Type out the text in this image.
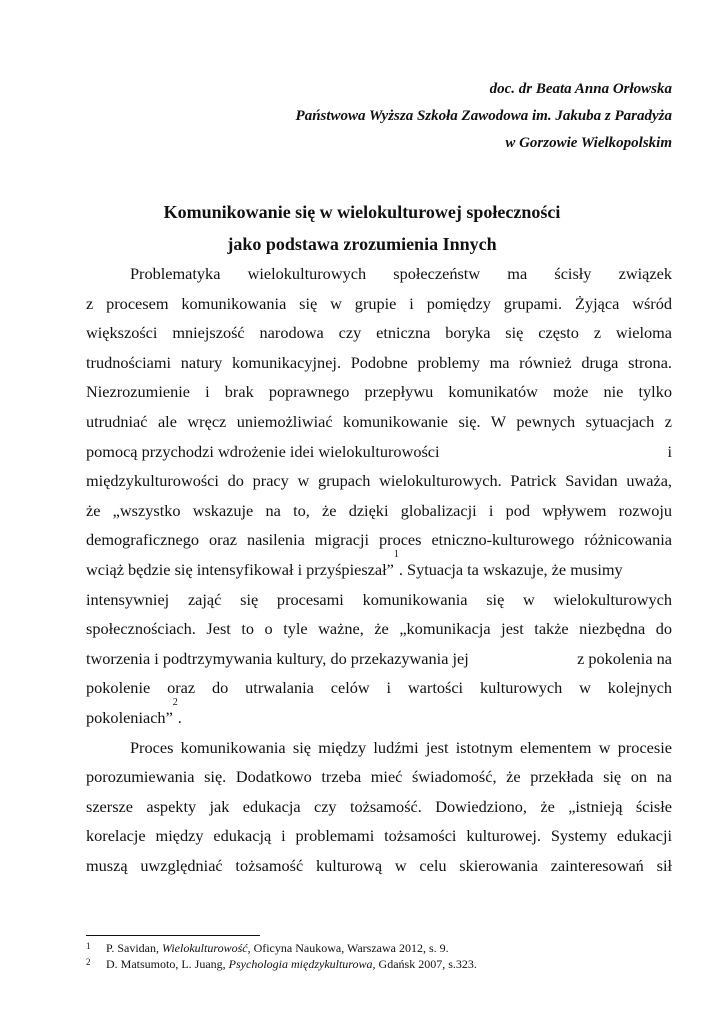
doc. dr Beata Anna Orłowska
Państwowa Wyższa Szkoła Zawodowa im. Jakuba z Paradyża
w Gorzowie Wielkopolskim
Komunikowanie się w wielokulturowej społeczności
jako podstawa zrozumienia Innych
Problematyka wielokulturowych społeczeństw ma ścisły związek
z procesem komunikowania się w grupie i pomiędzy grupami. Żyjąca wśród
większości mniejszość narodowa czy etniczna boryka się często z wieloma
trudnościami natury komunikacyjnej. Podobne problemy ma również druga strona.
Niezrozumienie i brak poprawnego przepływu komunikatów może nie tylko
utrudniać ale wręcz uniemożliwiać komunikowanie się. W pewnych sytuacjach z
pomocą przychodzi wdrożenie idei wielokulturowości	i
międzykulturowości do pracy w grupach wielokulturowych. Patrick Savidan uważa,
że „wszystko wskazuje na to, że dzięki globalizacji i pod wpływem rozwoju
demograficznego oraz nasilenia migracji proces etniczno-kulturowego różnicowania
wciąż będzie się intensyfikował i przyśpieszał”
1
. Sytuacja ta wskazuje, że musimy
intensywniej zająć się procesami komunikowania się w wielokulturowych
społecznościach. Jest to o tyle ważne, że „komunikacja jest także niezbędna do
tworzenia i podtrzymywania kultury, do przekazywania jej	z pokolenia na
pokolenie oraz do utrwalania celów i wartości kulturowych w kolejnych
pokoleniach”
2
.
Proces komunikowania się między ludźmi jest istotnym elementem w procesie
porozumiewania się. Dodatkowo trzeba mieć świadomość, że przekłada się on na
szersze aspekty jak edukacja czy tożsamość. Dowiedziono, że „istnieją ścisłe
korelacje między edukacją i problemami tożsamości kulturowej. Systemy edukacji
muszą uwzględniać tożsamość kulturową w celu skierowania zainteresowań sił
1 P. Savidan, Wielokulturowość, Oficyna Naukowa, Warszawa 2012, s. 9.
2 D. Matsumoto, L. Juang, Psychologia międzykulturowa, Gdańsk 2007, s.323.
